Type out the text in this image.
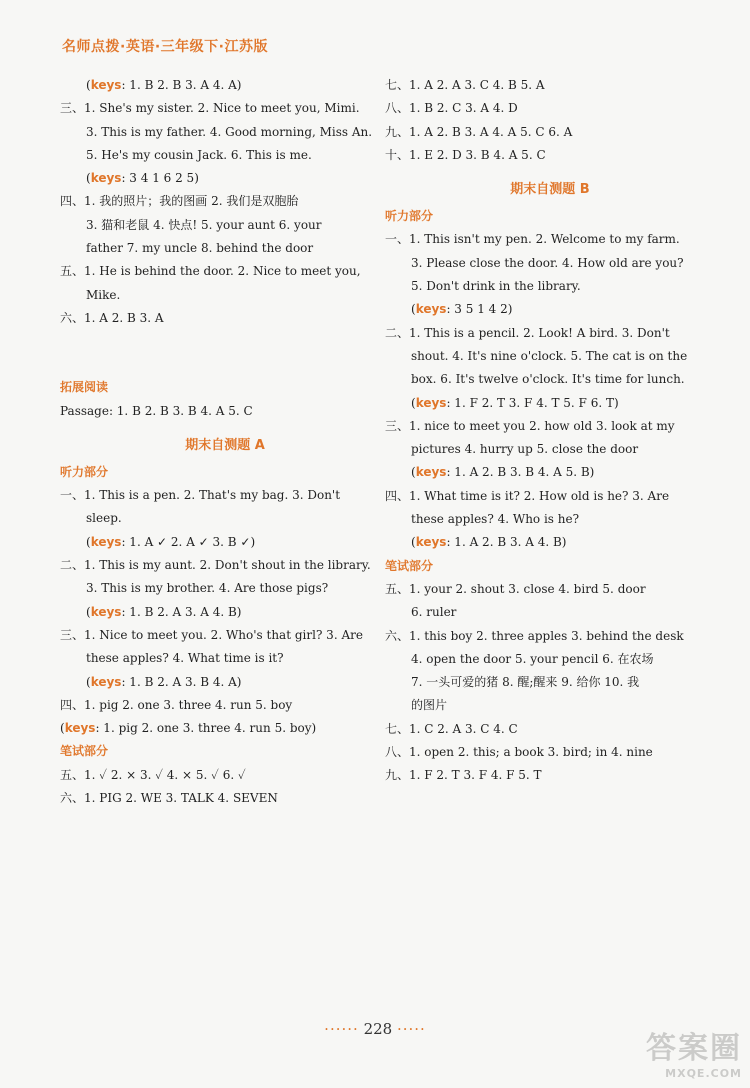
名师点拨·英语·三年级下·江苏版
(keys: 1. B 2. B 3. A 4. A)
三、1. She's my sister. 2. Nice to meet you, Mimi.
3. This is my father. 4. Good morning, Miss An.
5. He's my cousin Jack. 6. This is me.
(keys: 3 4 1 6 2 5)
四、1. 我的照片；我的图画 2. 我们是双胞胎
3. 猫和老鼠 4. 快点! 5. your aunt 6. your
father 7. my uncle 8. behind the door
五、1. He is behind the door. 2. Nice to meet you,
Mike.
六、1. A 2. B 3. A
拓展阅读
Passage: 1. B 2. B 3. B 4. A 5. C
期末自测题 A
听力部分
一、1. This is a pen. 2. That's my bag. 3. Don't
sleep.
(keys: 1. A ✓ 2. A ✓ 3. B ✓)
二、1. This is my aunt. 2. Don't shout in the library.
3. This is my brother. 4. Are those pigs?
(keys: 1. B 2. A 3. A 4. B)
三、1. Nice to meet you. 2. Who's that girl? 3. Are
these apples? 4. What time is it?
(keys: 1. B 2. A 3. B 4. A)
四、1. pig 2. one 3. three 4. run 5. boy
(keys: 1. pig 2. one 3. three 4. run 5. boy)
笔试部分
五、1. ✓ 2. × 3. ✓ 4. × 5. ✓ 6. ✓
六、1. PIG 2. WE 3. TALK 4. SEVEN
七、1. A 2. A 3. C 4. B 5. A
八、1. B 2. C 3. A 4. D
九、1. A 2. B 3. A 4. A 5. C 6. A
十、1. E 2. D 3. B 4. A 5. C
期末自测题 B
听力部分
一、1. This isn't my pen. 2. Welcome to my farm.
3. Please close the door. 4. How old are you?
5. Don't drink in the library.
(keys: 3 5 1 4 2)
二、1. This is a pencil. 2. Look! A bird. 3. Don't
shout. 4. It's nine o'clock. 5. The cat is on the
box. 6. It's twelve o'clock. It's time for lunch.
(keys: 1. F 2. T 3. F 4. T 5. F 6. T)
三、1. nice to meet you 2. how old 3. look at my
pictures 4. hurry up 5. close the door
(keys: 1. A 2. B 3. B 4. A 5. B)
四、1. What time is it? 2. How old is he? 3. Are
these apples? 4. Who is he?
(keys: 1. A 2. B 3. A 4. B)
笔试部分
五、1. your 2. shout 3. close 4. bird 5. door
6. ruler
六、1. this boy 2. three apples 3. behind the desk
4. open the door 5. your pencil 6. 在农场
7. 一头可爱的猪 8. 醒;醒来 9. 给你 10. 我
的图片
七、1. C 2. A 3. C 4. C
八、1. open 2. this; a book 3. bird; in 4. nine
九、1. F 2. T 3. F 4. F 5. T
······ 228 ·····
答案圈
MXQE.COM
